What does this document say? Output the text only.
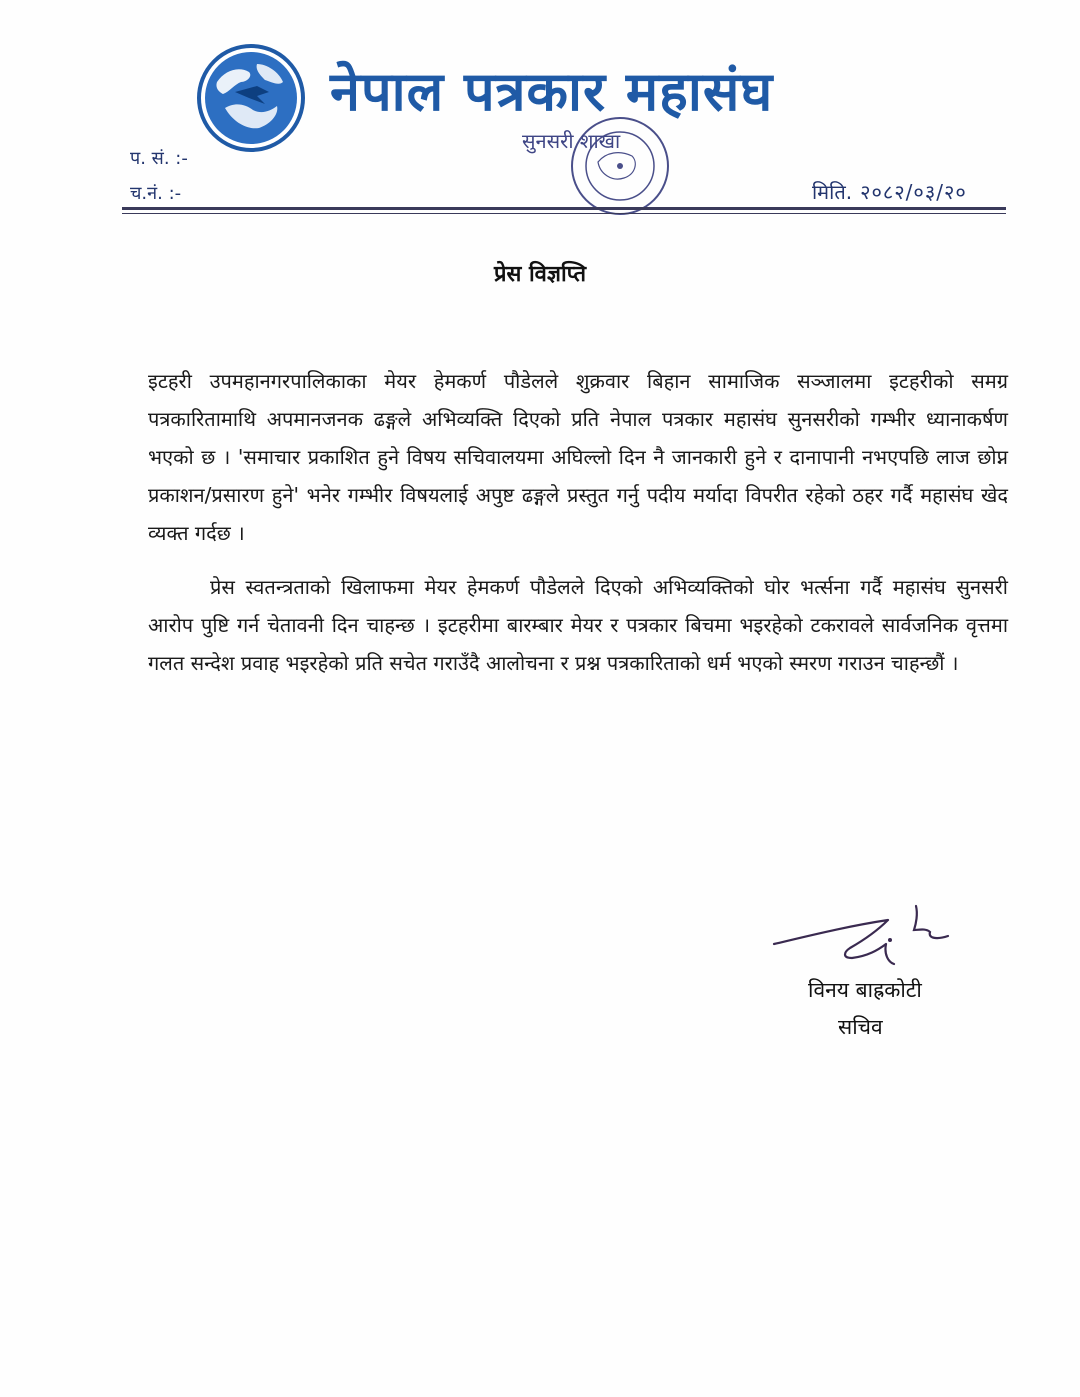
नेपाल पत्रकार महासंघ
सुनसरी शाखा
प. सं. :-
च.नं. :-	मिति. २०८२/०३/२०
प्रेस विज्ञप्ति

इटहरी उपमहानगरपालिकाका मेयर हेमकर्ण पौडेलले शुक्रवार बिहान सामाजिक सञ्जालमा इटहरीको समग्र पत्रकारितामाथि अपमानजनक ढङ्गले अभिव्यक्ति दिएको प्रति नेपाल पत्रकार महासंघ सुनसरीको गम्भीर ध्यानाकर्षण भएको छ । 'समाचार प्रकाशित हुने विषय सचिवालयमा अघिल्लो दिन नै जानकारी हुने र दानापानी नभएपछि लाज छोप्न प्रकाशन/प्रसारण हुने' भनेर गम्भीर विषयलाई अपुष्ट ढङ्गले प्रस्तुत गर्नु पदीय मर्यादा विपरीत रहेको ठहर गर्दै महासंघ खेद व्यक्त गर्दछ ।

प्रेस स्वतन्त्रताको खिलाफमा मेयर हेमकर्ण पौडेलले दिएको अभिव्यक्तिको घोर भर्त्सना गर्दै महासंघ सुनसरी आरोप पुष्टि गर्न चेतावनी दिन चाहन्छ । इटहरीमा बारम्बार मेयर र पत्रकार बिचमा भइरहेको टकरावले सार्वजनिक वृत्तमा गलत सन्देश प्रवाह भइरहेको प्रति सचेत गराउँदै आलोचना र प्रश्न पत्रकारिताको धर्म भएको स्मरण गराउन चाहन्छौं ।

विनय बाह्रकोटी
सचिव
